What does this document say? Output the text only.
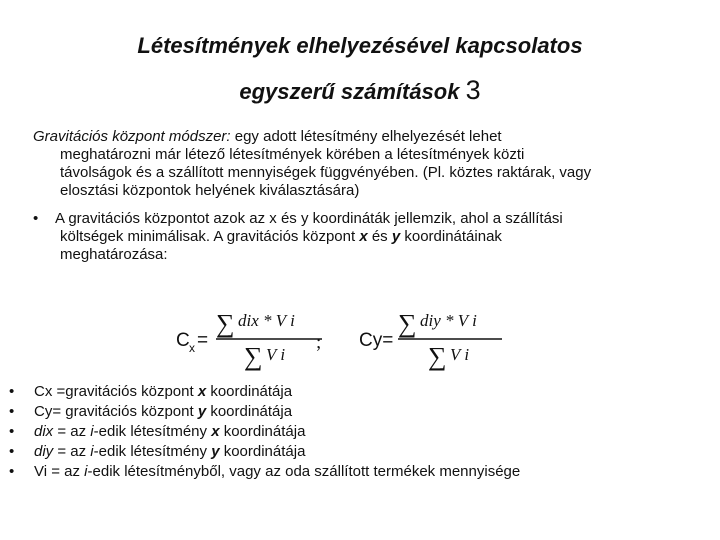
Létesítmények elhelyezésével kapcsolatos
egyszerű számítások 3
Gravitációs központ módszer: egy adott létesítmény elhelyezését lehet
meghatározni már létező létesítmények körében a létesítmények közti
távolságok és a szállított mennyiségek függvényében. (Pl. köztes raktárak, vagy
elosztási központok helyének kiválasztására)
• A gravitációs központot azok az x és y koordináták jellemzik, ahol a szállítási
költségek minimálisak. A gravitációs központ x és y koordinátáinak
meghatározása:
C x =
∑ dix * V i
∑ V i
; Cy=
∑ diy * V i
∑ V i
•	Cx =gravitációs központ x koordinátája
•	Cy= gravitációs központ y koordinátája
•	dix = az i-edik létesítmény x koordinátája
•	diy = az i-edik létesítmény y koordinátája
•	Vi = az i-edik létesítményből, vagy az oda szállított termékek mennyisége
